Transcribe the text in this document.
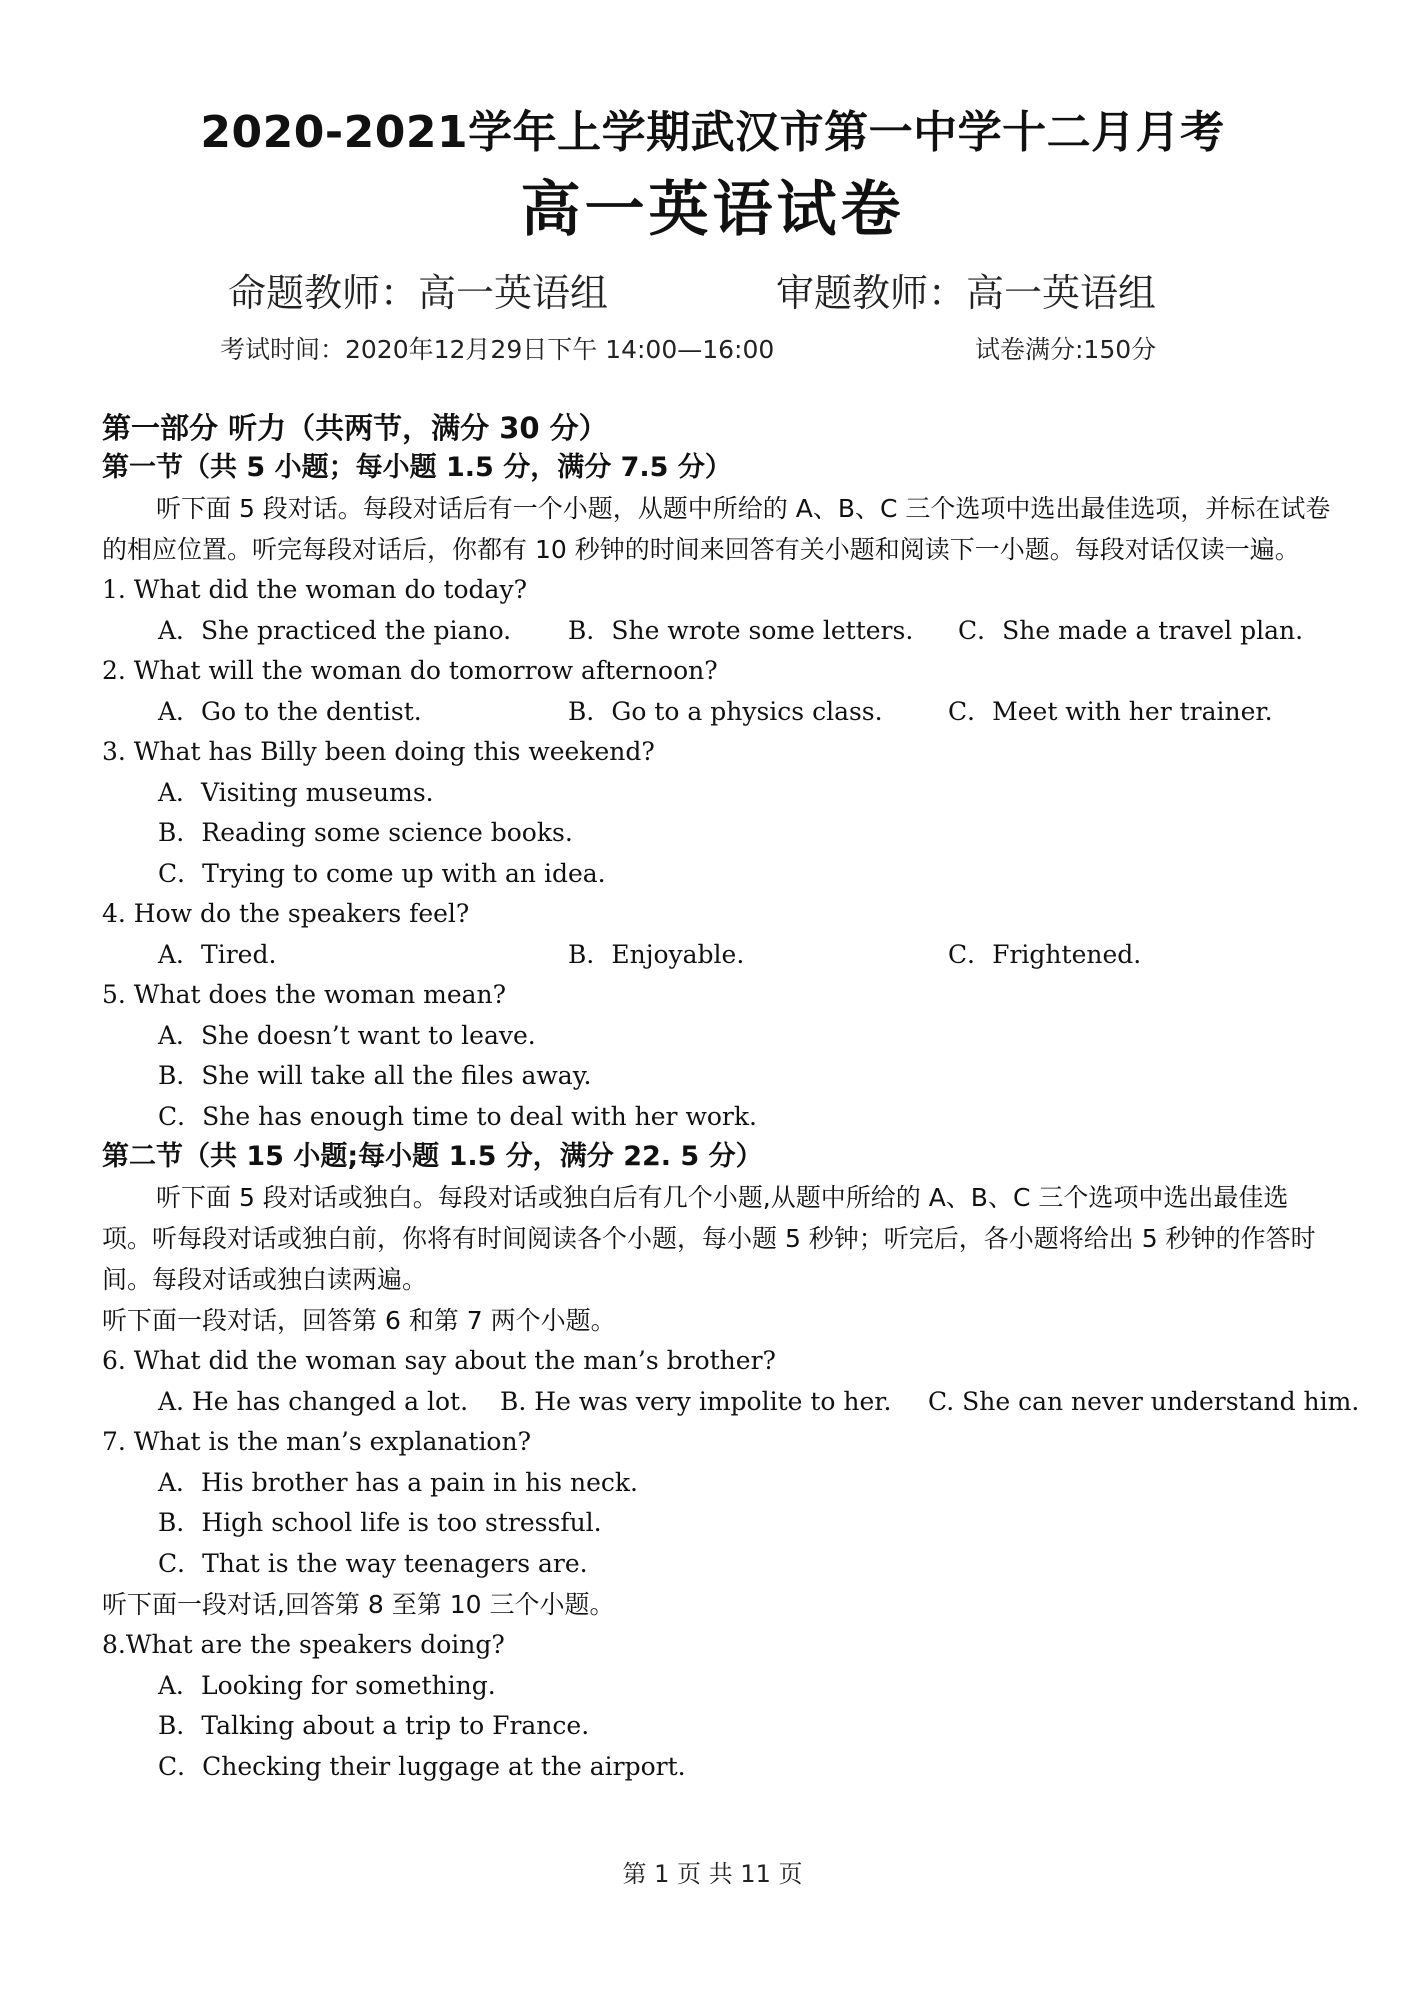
2020-2021学年上学期武汉市第一中学十二月月考
高一英语试卷
命题教师：高一英语组	审题教师：高一英语组
考试时间：2020年12月29日下午 14:00—16:00	试卷满分:150分
第一部分 听力（共两节，满分 30 分）
第一节（共 5 小题；每小题 1.5 分，满分 7.5 分）
听下面 5 段对话。每段对话后有一个小题，从题中所给的 A、B、C 三个选项中选出最佳选项，并标在试卷的相应位置。听完每段对话后，你都有 10 秒钟的时间来回答有关小题和阅读下一小题。每段对话仅读一遍。
1. What did the woman do today?
A．She practiced the piano. B．She wrote some letters. C．She made a travel plan.
2. What will the woman do tomorrow afternoon?
A．Go to the dentist.	B．Go to a physics class.	C．Meet with her trainer.
3. What has Billy been doing this weekend?
A．Visiting museums.
B．Reading some science books.
C．Trying to come up with an idea.
4. How do the speakers feel?
A．Tired.	B．Enjoyable.	C．Frightened.
5. What does the woman mean?
A．She doesn’t want to leave.
B．She will take all the files away.
C．She has enough time to deal with her work.
第二节（共 15 小题;每小题 1.5 分，满分 22. 5 分）
听下面 5 段对话或独白。每段对话或独白后有几个小题,从题中所给的 A、B、C 三个选项中选出最佳选项。听每段对话或独白前，你将有时间阅读各个小题，每小题 5 秒钟；听完后，各小题将给出 5 秒钟的作答时间。每段对话或独白读两遍。
听下面一段对话，回答第 6 和第 7 两个小题。
6. What did the woman say about the man’s brother?
A. He has changed a lot. B. He was very impolite to her. C. She can never understand him.
7. What is the man’s explanation?
A．His brother has a pain in his neck.
B．High school life is too stressful.
C．That is the way teenagers are.
听下面一段对话,回答第 8 至第 10 三个小题。
8.What are the speakers doing?
A．Looking for something.
B．Talking about a trip to France.
C．Checking their luggage at the airport.
第 1 页 共 11 页
